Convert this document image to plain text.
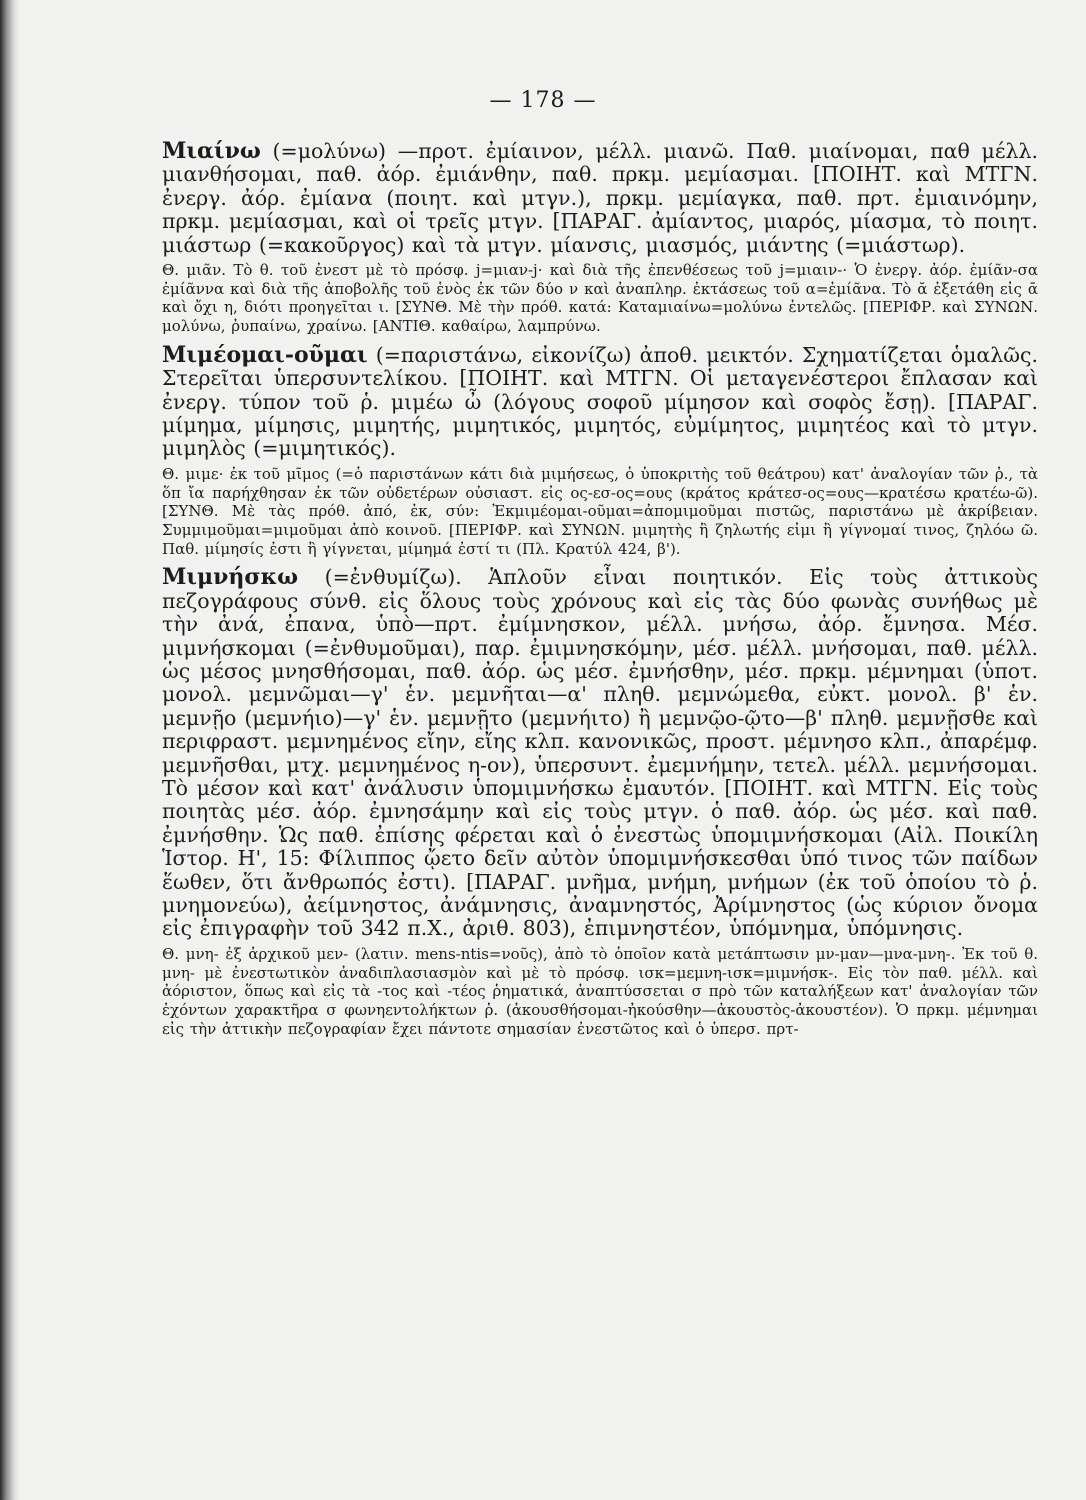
— 178 —

Μιαίνω (=μολύνω) —προτ. ἐμίαινον, μέλλ. μιανῶ. Παθ. μιαίνομαι, παθ μέλλ. μιανθήσομαι, παθ. ἀόρ. ἐμιάνθην, παθ. πρκμ. μεμίασμαι. [ΠΟΙΗΤ. καὶ ΜΤΓΝ. ἐνεργ. ἀόρ. ἐμίανα (ποιητ. καὶ μτγν.), πρκμ. μεμίαγκα, παθ. πρτ. ἐμιαινόμην, πρκμ. μεμίασμαι, καὶ οἱ τρεῖς μτγν. [ΠΑΡΑΓ. ἀμίαντος, μιαρός, μίασμα, τὸ ποιητ. μιάστωρ (=κακοῦργος) καὶ τὰ μτγν. μίανσις, μιασμός, μιάντης (=μιάστωρ).

Θ. μιᾶν. Τὸ θ. τοῦ ἐνεστ μὲ τὸ πρόσφ. j=μιαν-j· καὶ διὰ τῆς ἐπενθέσεως τοῦ j=μιαιν-· Ὁ ἐνεργ. ἀόρ. ἐμίᾶν-σα ἐμίᾶννα καὶ διὰ τῆς ἀποβολῆς τοῦ ἑνὸς ἐκ τῶν δύο ν καὶ ἀναπληρ. ἐκτάσεως τοῦ α=ἐμίᾶνα. Τὸ ᾰ ἐξετάθη εἰς ᾱ καὶ ὄχι η, διότι προηγεῖται ι. [ΣΥΝΘ. Μὲ τὴν πρόθ. κατά: Καταμιαίνω=μολύνω ἐντελῶς. [ΠΕΡΙΦΡ. καὶ ΣΥΝΩΝ. μολύνω, ῥυπαίνω, χραίνω. [ΑΝΤΙΘ. καθαίρω, λαμπρύνω.

Μιμέομαι-οῦμαι (=παριστάνω, εἰκονίζω) ἀποθ. μεικτόν. Σχηματίζεται ὁμαλῶς. Στερεῖται ὑπερσυντελίκου. [ΠΟΙΗΤ. καὶ ΜΤΓΝ. Οἱ μεταγενέστεροι ἔπλασαν καὶ ἐνεργ. τύπον τοῦ ῥ. μιμέω ὦ (λόγους σοφοῦ μίμησον καὶ σοφὸς ἔσῃ). [ΠΑΡΑΓ. μίμημα, μίμησις, μιμητής, μιμητικός, μιμητός, εὐμίμητος, μιμητέος καὶ τὸ μτγν. μιμηλὸς (=μιμητικός).

Θ. μιμε· ἐκ τοῦ μῖμος (=ὁ παριστάνων κάτι διὰ μιμήσεως, ὁ ὑποκριτὴς τοῦ θεάτρου) κατ' ἀναλογίαν τῶν ῥ., τὰ ὅπ ἴα παρήχθησαν ἐκ τῶν οὐδετέρων οὐσιαστ. εἰς ος-εσ-ος=ους (κράτος κράτεσ-ος=ους—κρατέσω κρατέω-ῶ). [ΣΥΝΘ. Μὲ τὰς πρόθ. ἀπό, ἐκ, σύν: Ἐκμιμέομαι-οῦμαι=ἀπομιμοῦμαι πιστῶς, παριστάνω μὲ ἀκρίβειαν. Συμμιμοῦμαι=μιμοῦμαι ἀπὸ κοινοῦ. [ΠΕΡΙΦΡ. καὶ ΣΥΝΩΝ. μιμητὴς ἢ ζηλωτής εἰμι ἢ γίγνομαί τινος, ζηλόω ῶ. Παθ. μίμησίς ἐστι ἢ γίγνεται, μίμημά ἐστί τι (Πλ. Κρατύλ 424, β').

Μιμνήσκω (=ἐνθυμίζω). Ἁπλοῦν εἶναι ποιητικόν. Εἰς τοὺς ἀττικοὺς πεζογράφους σύνθ. εἰς ὅλους τοὺς χρόνους καὶ εἰς τὰς δύο φωνὰς συνήθως μὲ τὴν ἀνά, ἐπανα, ὑπὸ—πρτ. ἐμίμνησκον, μέλλ. μνήσω, ἀόρ. ἔμνησα. Μέσ. μιμνήσκομαι (=ἐνθυμοῦμαι), παρ. ἐμιμνησκόμην, μέσ. μέλλ. μνήσομαι, παθ. μέλλ. ὡς μέσος μνησθήσομαι, παθ. ἀόρ. ὡς μέσ. ἐμνήσθην, μέσ. πρκμ. μέμνημαι (ὑποτ. μονολ. μεμνῶμαι—γ' ἑν. μεμνῆται—α' πληθ. μεμνώμεθα, εὐκτ. μονολ. β' ἑν. μεμνῇο (μεμνήιο)—γ' ἑν. μεμνῇτο (μεμνήιτο) ἢ μεμνῷο-ῷτο—β' πληθ. μεμνῇσθε καὶ περιφραστ. μεμνημένος εἴην, εἴης κλπ. κανονικῶς, προστ. μέμνησο κλπ., ἀπαρέμφ. μεμνῆσθαι, μτχ. μεμνημένος η-ον), ὑπερσυντ. ἐμεμνήμην, τετελ. μέλλ. μεμνήσομαι. Τὸ μέσον καὶ κατ' ἀνάλυσιν ὑπομιμνήσκω ἐμαυτόν. [ΠΟΙΗΤ. καὶ ΜΤΓΝ. Εἰς τοὺς ποιητὰς μέσ. ἀόρ. ἐμνησάμην καὶ εἰς τοὺς μτγν. ὁ παθ. ἀόρ. ὡς μέσ. καὶ παθ. ἐμνήσθην. Ὡς παθ. ἐπίσης φέρεται καὶ ὁ ἐνεστὼς ὑπομιμνήσκομαι (Αἰλ. Ποικίλη Ἱστορ. Η', 15: Φίλιππος ᾤετο δεῖν αὐτὸν ὑπομιμνήσκεσθαι ὑπό τινος τῶν παίδων ἕωθεν, ὅτι ἄνθρωπός ἐστι). [ΠΑΡΑΓ. μνῆμα, μνήμη, μνήμων (ἐκ τοῦ ὁποίου τὸ ῥ. μνημονεύω), ἀείμνηστος, ἀνάμνησις, ἀναμνηστός, Ἀρίμνηστος (ὡς κύριον ὄνομα εἰς ἐπιγραφὴν τοῦ 342 π.Χ., ἀριθ. 803), ἐπιμνηστέον, ὑπόμνημα, ὑπόμνησις.

Θ. μνη- ἐξ ἀρχικοῦ μεν- (λατιν. mens-ntis=νοῦς), ἀπὸ τὸ ὁποῖον κατὰ μετάπτωσιν μν-μαν—μνα-μνη-. Ἐκ τοῦ θ. μνη- μὲ ἐνεστωτικὸν ἀναδιπλασιασμὸν καὶ μὲ τὸ πρόσφ. ισκ=μεμνη-ισκ=μιμνήσκ-. Εἰς τὸν παθ. μέλλ. καὶ ἀόριστον, ὅπως καὶ εἰς τὰ -τος καὶ -τέος ῥηματικά, ἀναπτύσσεται σ πρὸ τῶν καταλήξεων κατ' ἀναλογίαν τῶν ἐχόντων χαρακτῆρα σ φωνηεντολήκτων ῥ. (ἀκουσθήσομαι-ἠκούσθην—ἀκουστὸς-ἀκουστέον). Ὁ πρκμ. μέμνημαι εἰς τὴν ἀττικὴν πεζογραφίαν ἔχει πάντοτε σημασίαν ἐνεστῶτος καὶ ὁ ὑπερσ. πρτ-
